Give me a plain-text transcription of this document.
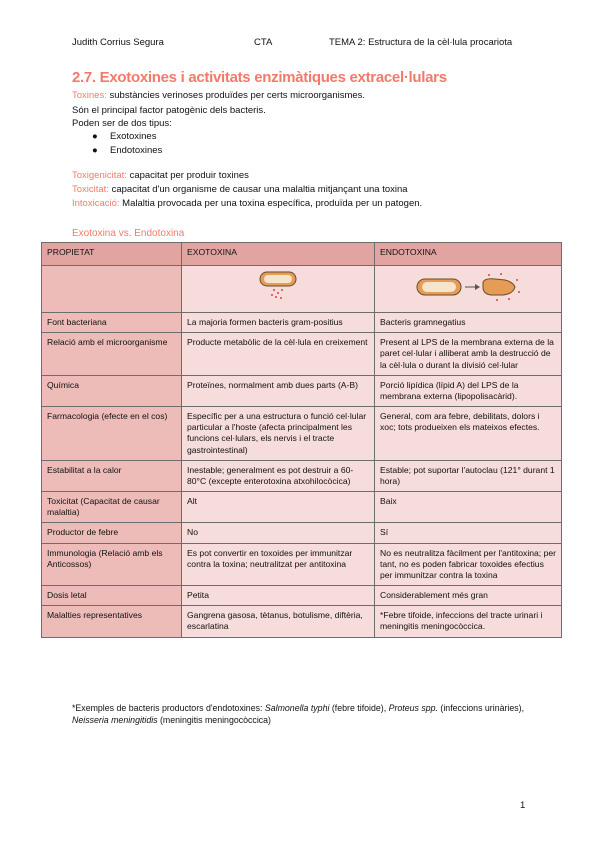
Judith Corrius Segura	CTA	TEMA 2: Estructura de la cèl·lula procariota
2.7. Exotoxines i activitats enzimàtiques extracel·lulars
Toxines: substàncies verinoses produïdes per certs microorganismes.
Són el principal factor patogènic dels bacteris.
Poden ser de dos tipus:
● Exotoxines
● Endotoxines
Toxigenicitat: capacitat per produir toxines
Toxicitat: capacitat d'un organisme de causar una malaltia mitjançant una toxina
Intoxicació: Malaltia provocada per una toxina específica, produïda per un patogen.
Exotoxina vs. Endotoxina
PROPIETAT	EXOTOXINA	ENDOTOXINA

Font bacteriana	La majoria formen bacteris gram-positius	Bacteris gramnegatius
Relació amb el microorganisme	Producte metabòlic de la cèl·lula en creixement	Present al LPS de la membrana externa de la paret cel·lular i alliberat amb la destrucció de la cèl·lula o durant la divisió cel·lular
Química	Proteïnes, normalment amb dues parts (A-B)	Porció lipídica (lípid A) del LPS de la membrana externa (lipopolisacàrid).
Farmacologia (efecte en el cos)	Específic per a una estructura o funció cel·lular particular a l'hoste (afecta principalment les funcions cel·lulars, els nervis i el tracte gastrointestinal)	General, com ara febre, debilitats, dolors i xoc; tots produeixen els mateixos efectes.
Estabilitat a la calor	Inestable; generalment es pot destruir a 60-80°C (excepte enterotoxina atxohilocòcica)	Estable; pot suportar l'autoclau (121° durant 1 hora)
Toxicitat (Capacitat de causar malaltia)	Alt	Baix
Productor de febre	No	Sí
Immunologia (Relació amb els Anticossos)	Es pot convertir en toxoides per immunitzar contra la toxina; neutralitzat per antitoxina	No es neutralitza fàcilment per l'antitoxina; per tant, no es poden fabricar toxoides efectius per immunitzar contra la toxina
Dosis letal	Petita	Considerablement més gran
Malalties representatives	Gangrena gasosa, tètanus, botulisme, diftèria, escarlatina	*Febre tifoide, infeccions del tracte urinari i meningitis meningocòccica.
*Exemples de bacteris productors d'endotoxines: Salmonella typhi (febre tifoide), Proteus spp. (infeccions urinàries), Neisseria meningitidis (meningitis meningocòccica)
1
